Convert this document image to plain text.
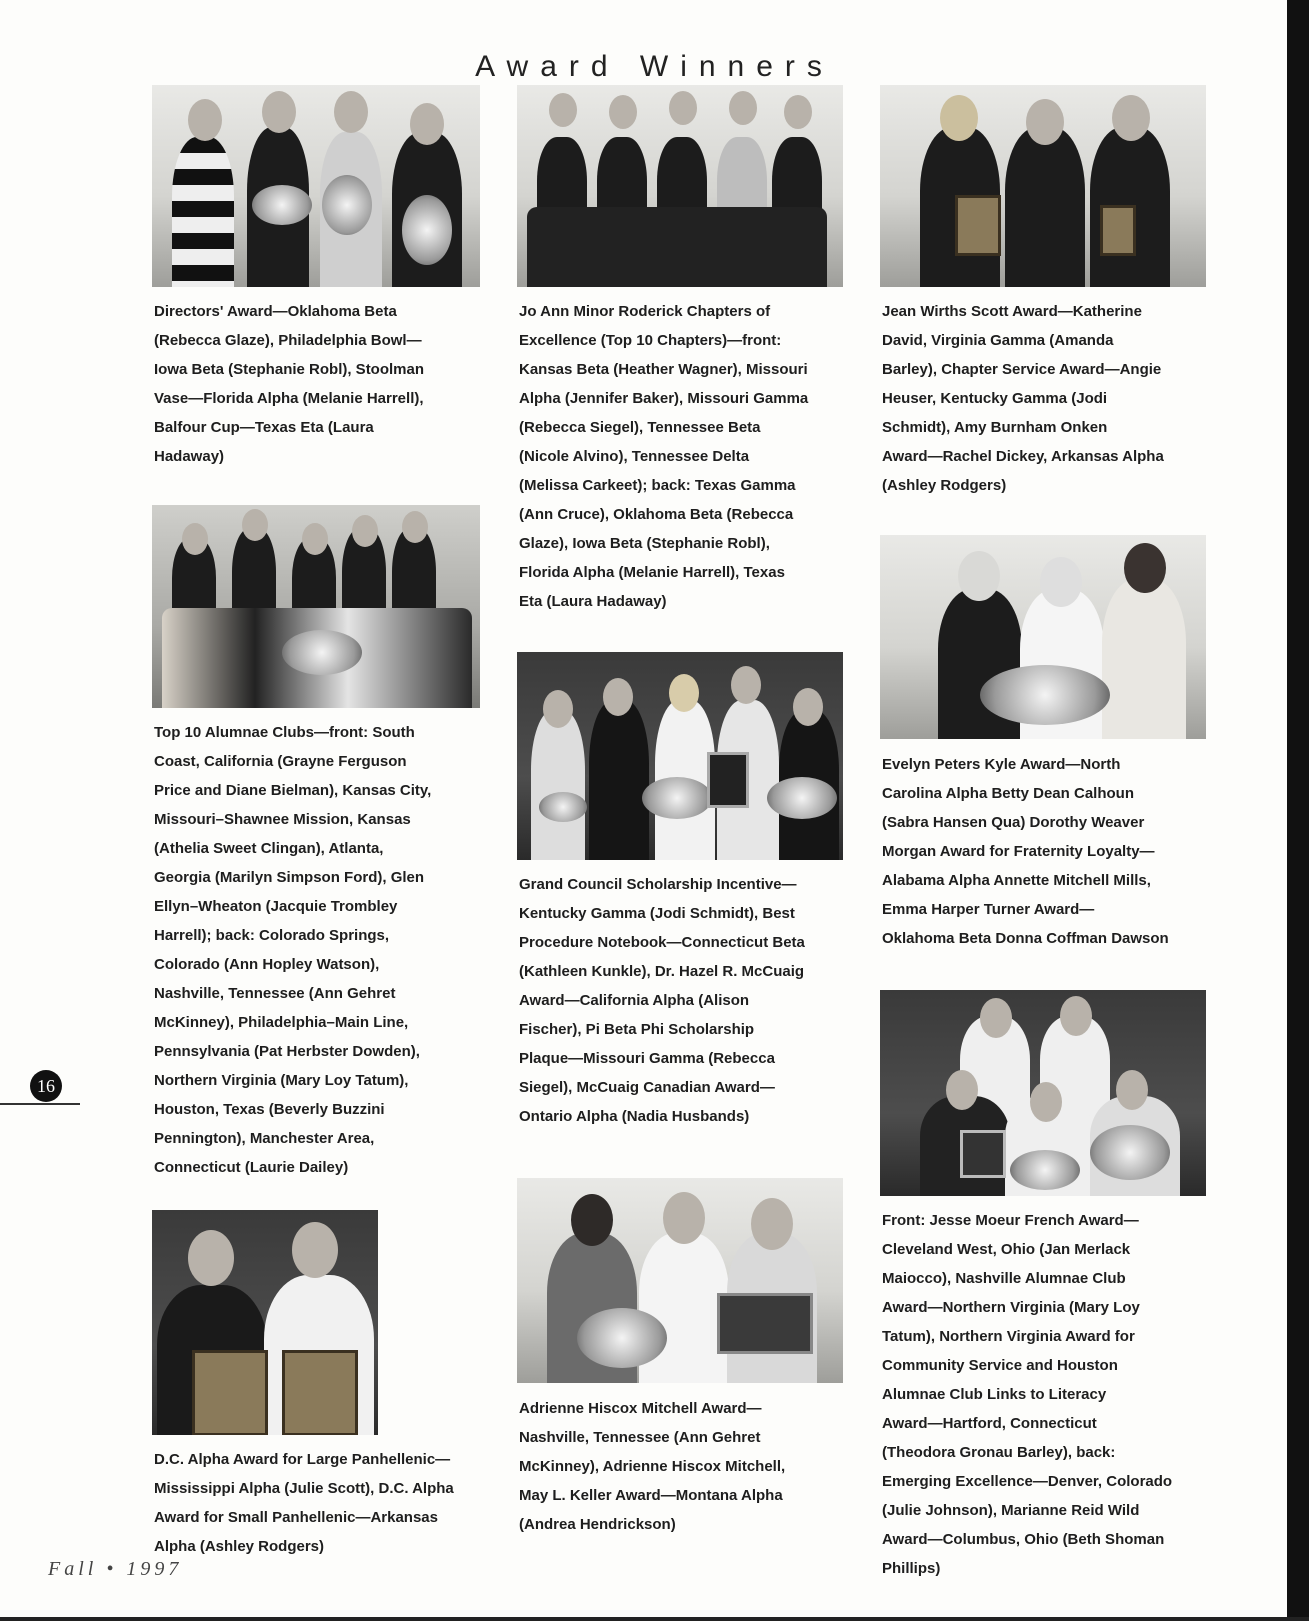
Award Winners
Directors' Award—Oklahoma Beta
(Rebecca Glaze), Philadelphia Bowl—
Iowa Beta (Stephanie Robl), Stoolman
Vase—Florida Alpha (Melanie Harrell),
Balfour Cup—Texas Eta (Laura
Hadaway)
Jo Ann Minor Roderick Chapters of
Excellence (Top 10 Chapters)—front:
Kansas Beta (Heather Wagner), Missouri
Alpha (Jennifer Baker), Missouri Gamma
(Rebecca Siegel), Tennessee Beta
(Nicole Alvino), Tennessee Delta
(Melissa Carkeet); back: Texas Gamma
(Ann Cruce), Oklahoma Beta (Rebecca
Glaze), Iowa Beta (Stephanie Robl),
Florida Alpha (Melanie Harrell), Texas
Eta (Laura Hadaway)
Jean Wirths Scott Award—Katherine
David, Virginia Gamma (Amanda
Barley), Chapter Service Award—Angie
Heuser, Kentucky Gamma (Jodi
Schmidt), Amy Burnham Onken
Award—Rachel Dickey, Arkansas Alpha
(Ashley Rodgers)
Top 10 Alumnae Clubs—front: South
Coast, California (Grayne Ferguson
Price and Diane Bielman), Kansas City,
Missouri–Shawnee Mission, Kansas
(Athelia Sweet Clingan), Atlanta,
Georgia (Marilyn Simpson Ford), Glen
Ellyn–Wheaton (Jacquie Trombley
Harrell); back: Colorado Springs,
Colorado (Ann Hopley Watson),
Nashville, Tennessee (Ann Gehret
McKinney), Philadelphia–Main Line,
Pennsylvania (Pat Herbster Dowden),
Northern Virginia (Mary Loy Tatum),
Houston, Texas (Beverly Buzzini
Pennington), Manchester Area,
Connecticut (Laurie Dailey)
Grand Council Scholarship Incentive—
Kentucky Gamma (Jodi Schmidt), Best
Procedure Notebook—Connecticut Beta
(Kathleen Kunkle), Dr. Hazel R. McCuaig
Award—California Alpha (Alison
Fischer), Pi Beta Phi Scholarship
Plaque—Missouri Gamma (Rebecca
Siegel), McCuaig Canadian Award—
Ontario Alpha (Nadia Husbands)
Evelyn Peters Kyle Award—North
Carolina Alpha Betty Dean Calhoun
(Sabra Hansen Qua) Dorothy Weaver
Morgan Award for Fraternity Loyalty—
Alabama Alpha Annette Mitchell Mills,
Emma Harper Turner Award—
Oklahoma Beta Donna Coffman Dawson
Front: Jesse Moeur French Award—
Cleveland West, Ohio (Jan Merlack
Maiocco), Nashville Alumnae Club
Award—Northern Virginia (Mary Loy
Tatum), Northern Virginia Award for
Community Service and Houston
Alumnae Club Links to Literacy
Award—Hartford, Connecticut
(Theodora Gronau Barley), back:
Emerging Excellence—Denver, Colorado
(Julie Johnson), Marianne Reid Wild
Award—Columbus, Ohio (Beth Shoman
Phillips)
D.C. Alpha Award for Large Panhellenic—
Mississippi Alpha (Julie Scott), D.C. Alpha
Award for Small Panhellenic—Arkansas
Alpha (Ashley Rodgers)
Adrienne Hiscox Mitchell Award—
Nashville, Tennessee (Ann Gehret
McKinney), Adrienne Hiscox Mitchell,
May L. Keller Award—Montana Alpha
(Andrea Hendrickson)
16
Fall • 1997
